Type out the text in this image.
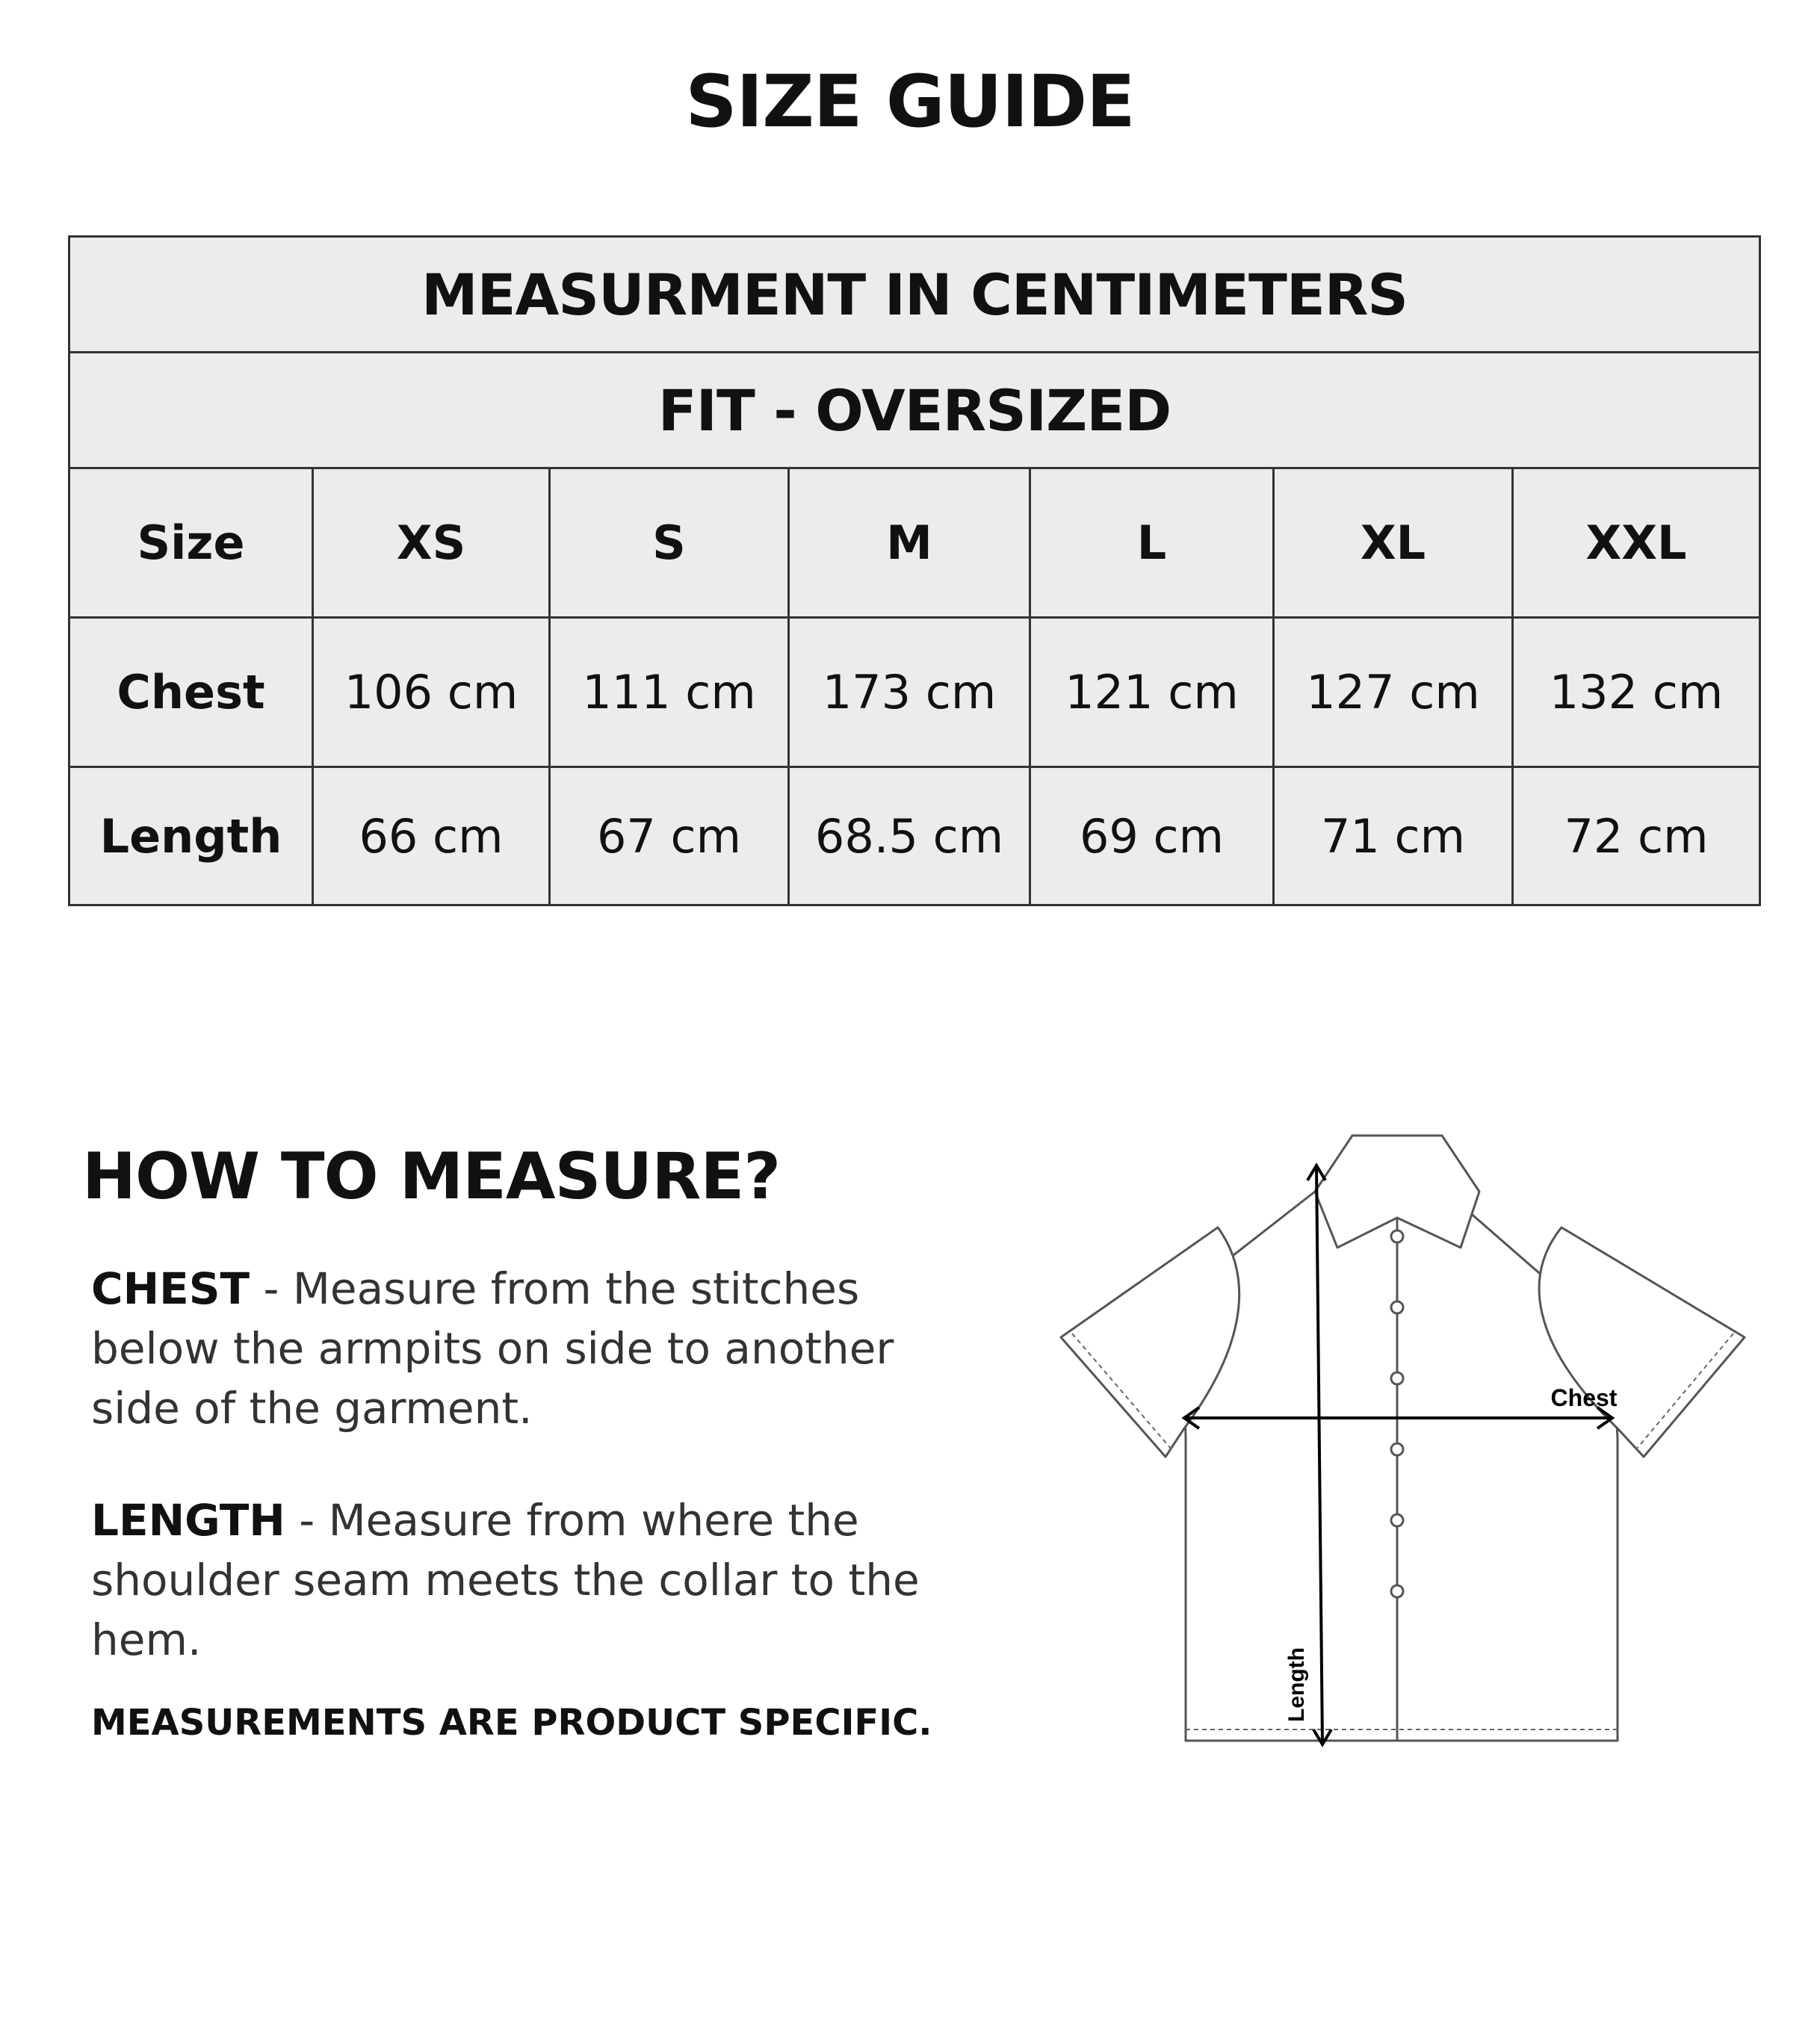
SIZE GUIDE
MEASURMENT IN CENTIMETERS						
FIT - OVERSIZED						
Size	XS	S	M	L	XL	XXL
Chest	106 cm	111 cm	173 cm	121 cm	127 cm	132 cm
Length	66 cm	67 cm	68.5 cm	69 cm	71 cm	72 cm
HOW TO MEASURE?
CHEST - Measure from the stitches below the armpits on side to another side of the garment.
LENGTH - Measure from where the shoulder seam meets the collar to the hem.
MEASUREMENTS ARE PRODUCT SPECIFIC.
Chest
Length
